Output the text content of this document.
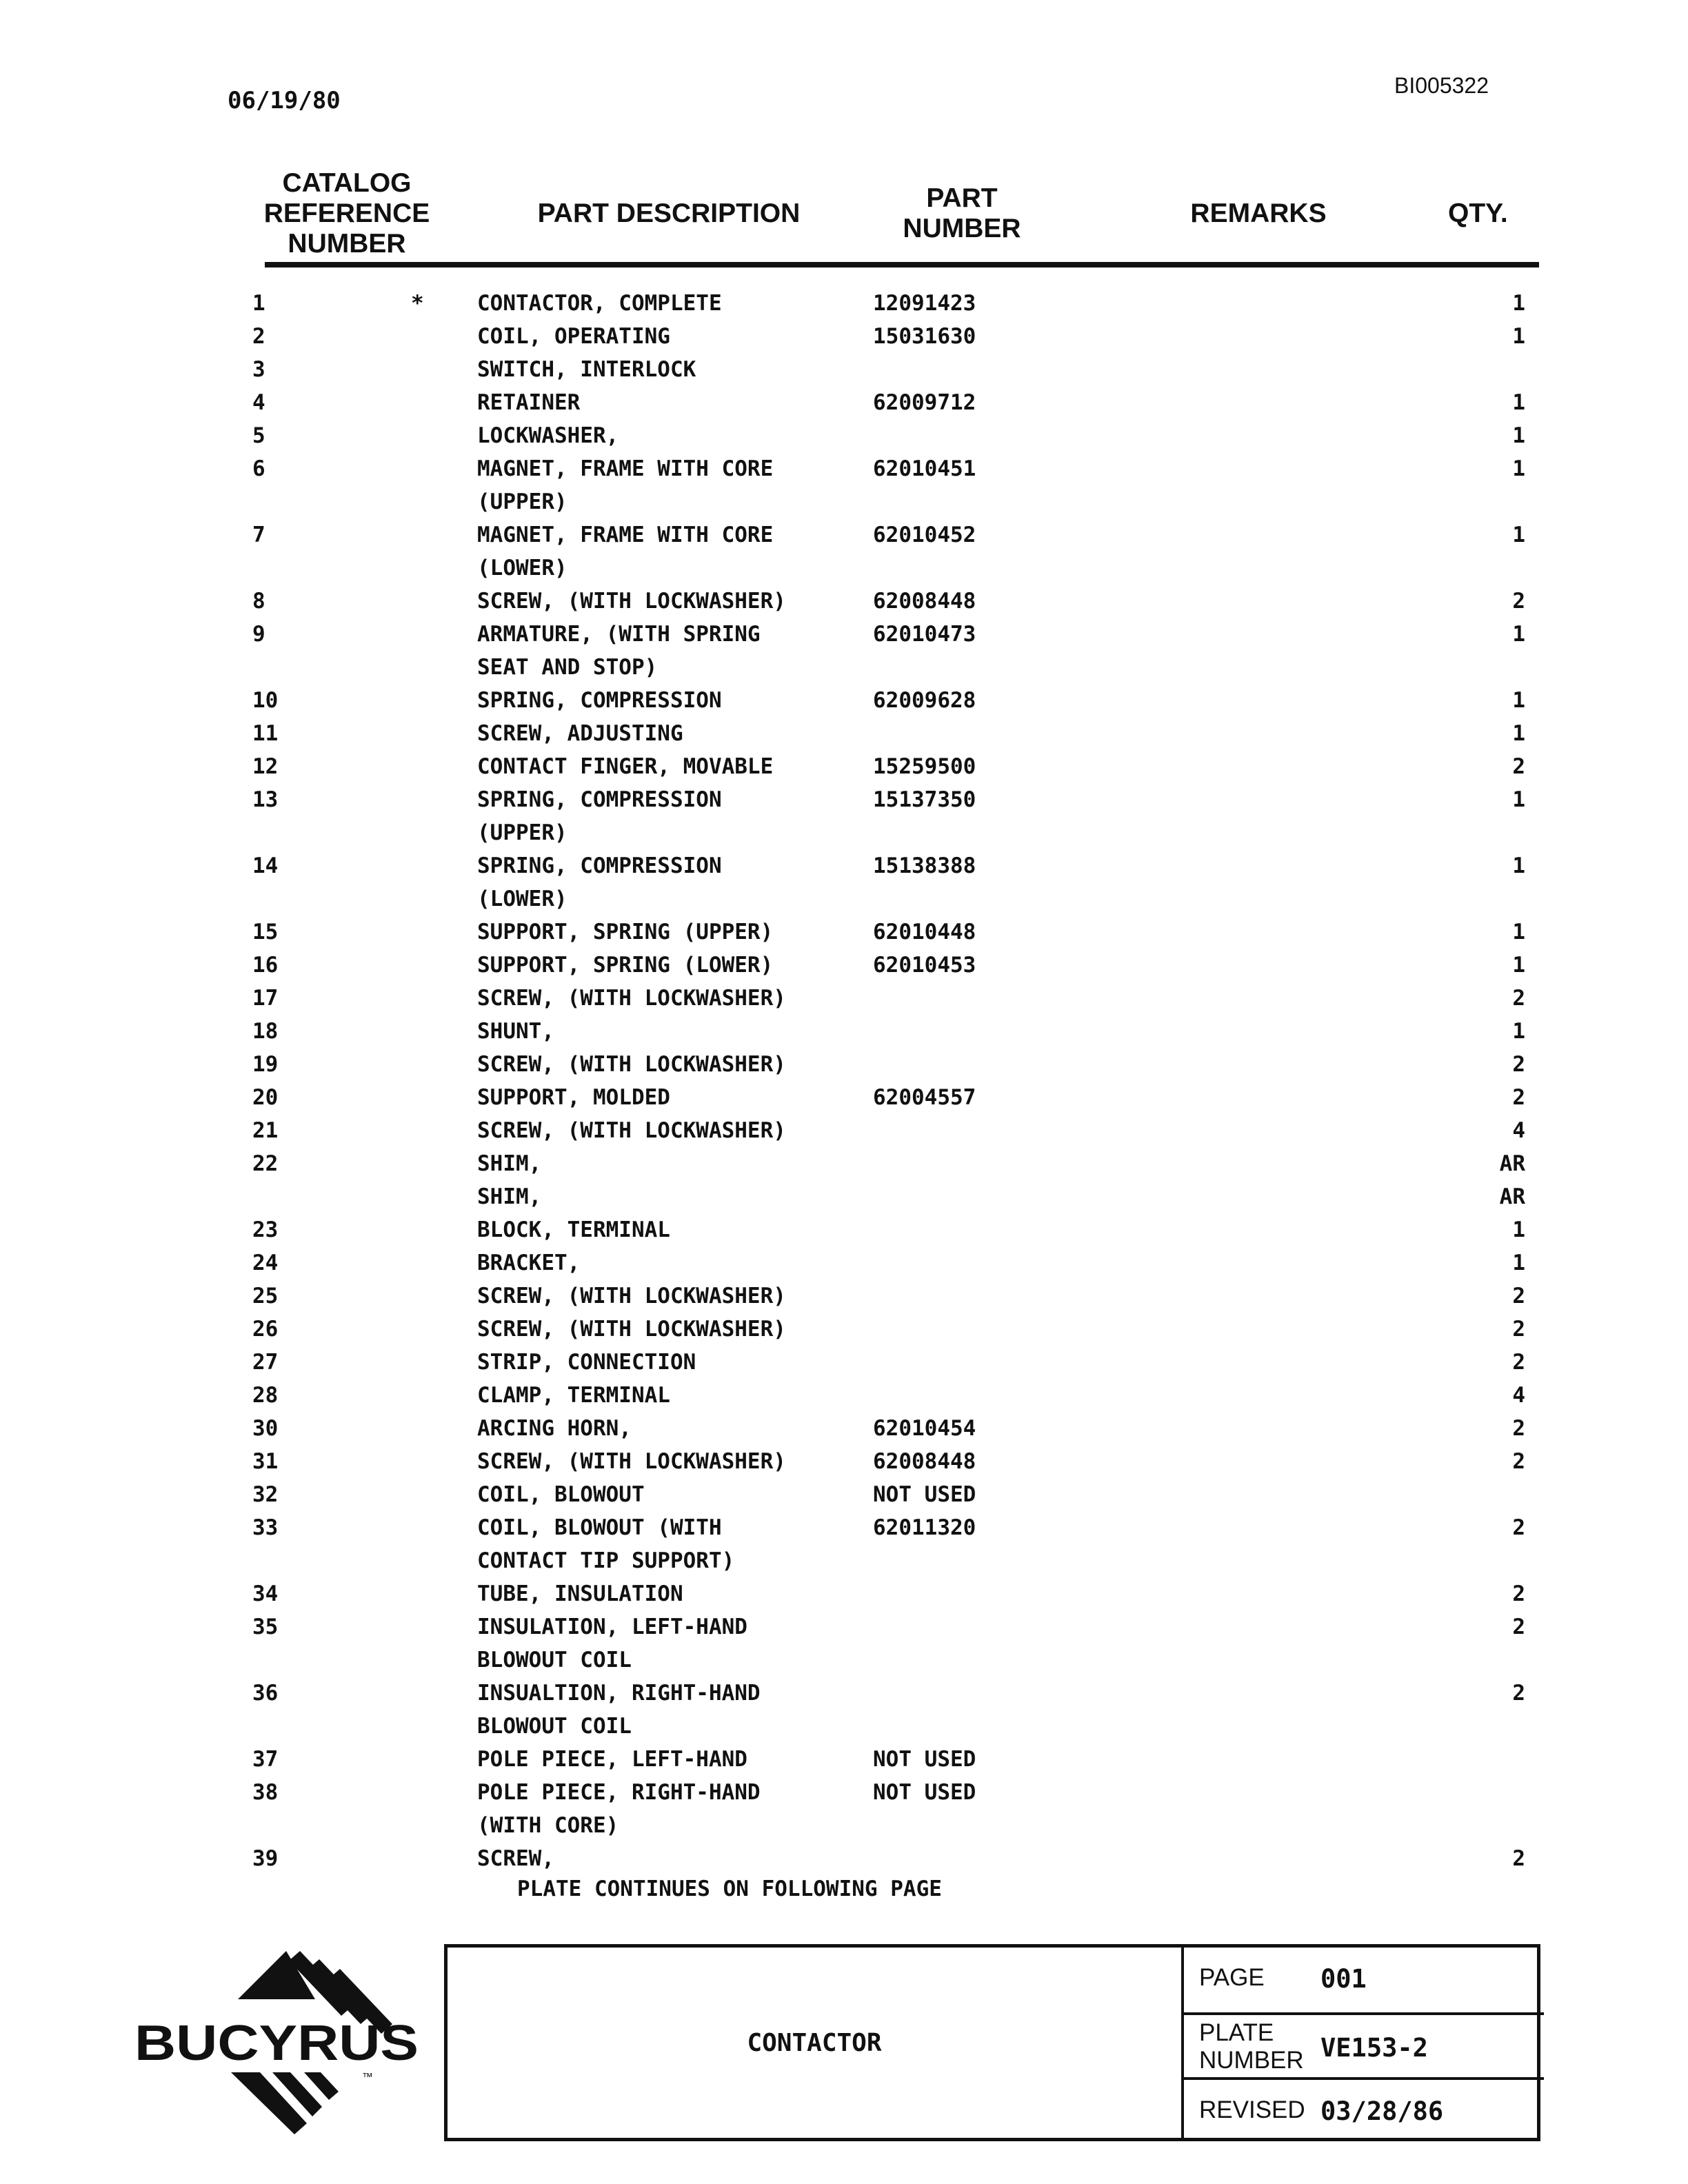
06/19/80
BI005322
CATALOG
REFERENCE
NUMBER
PART DESCRIPTION
PART
NUMBER
REMARKS	QTY.
1	* CONTACTOR, COMPLETE	12091423	1
2	COIL, OPERATING	15031630	1
3	SWITCH, INTERLOCK
4	RETAINER	62009712	1
5	LOCKWASHER,	1
6	MAGNET, FRAME WITH CORE	62010451	1
(UPPER)
7	MAGNET, FRAME WITH CORE	62010452	1
(LOWER)
8	SCREW, (WITH LOCKWASHER)	62008448	2
9	ARMATURE, (WITH SPRING	62010473	1
SEAT AND STOP)
10	SPRING, COMPRESSION	62009628	1
11	SCREW, ADJUSTING	1
12	CONTACT FINGER, MOVABLE	15259500	2
13	SPRING, COMPRESSION	15137350	1
(UPPER)
14	SPRING, COMPRESSION	15138388	1
(LOWER)
15	SUPPORT, SPRING (UPPER)	62010448	1
16	SUPPORT, SPRING (LOWER)	62010453	1
17	SCREW, (WITH LOCKWASHER)	2
18	SHUNT,	1
19	SCREW, (WITH LOCKWASHER)	2
20	SUPPORT, MOLDED	62004557	2
21	SCREW, (WITH LOCKWASHER)	4
22	SHIM,	AR
SHIM,	AR
23	BLOCK, TERMINAL	1
24	BRACKET,	1
25	SCREW, (WITH LOCKWASHER)	2
26	SCREW, (WITH LOCKWASHER)	2
27	STRIP, CONNECTION	2
28	CLAMP, TERMINAL	4
30	ARCING HORN,	62010454	2
31	SCREW, (WITH LOCKWASHER)	62008448	2
32	COIL, BLOWOUT	NOT USED
33	COIL, BLOWOUT (WITH	62011320	2
CONTACT TIP SUPPORT)
34	TUBE, INSULATION	2
35	INSULATION, LEFT-HAND	2
BLOWOUT COIL
36	INSUALTION, RIGHT-HAND	2
BLOWOUT COIL
37	POLE PIECE, LEFT-HAND	NOT USED
38	POLE PIECE, RIGHT-HAND	NOT USED
(WITH CORE)
39	SCREW,	2
PLATE CONTINUES ON FOLLOWING PAGE
BUCYRUS
™
CONTACTOR
PAGE 001
PLATE
NUMBER VE153-2
REVISED 03/28/86
